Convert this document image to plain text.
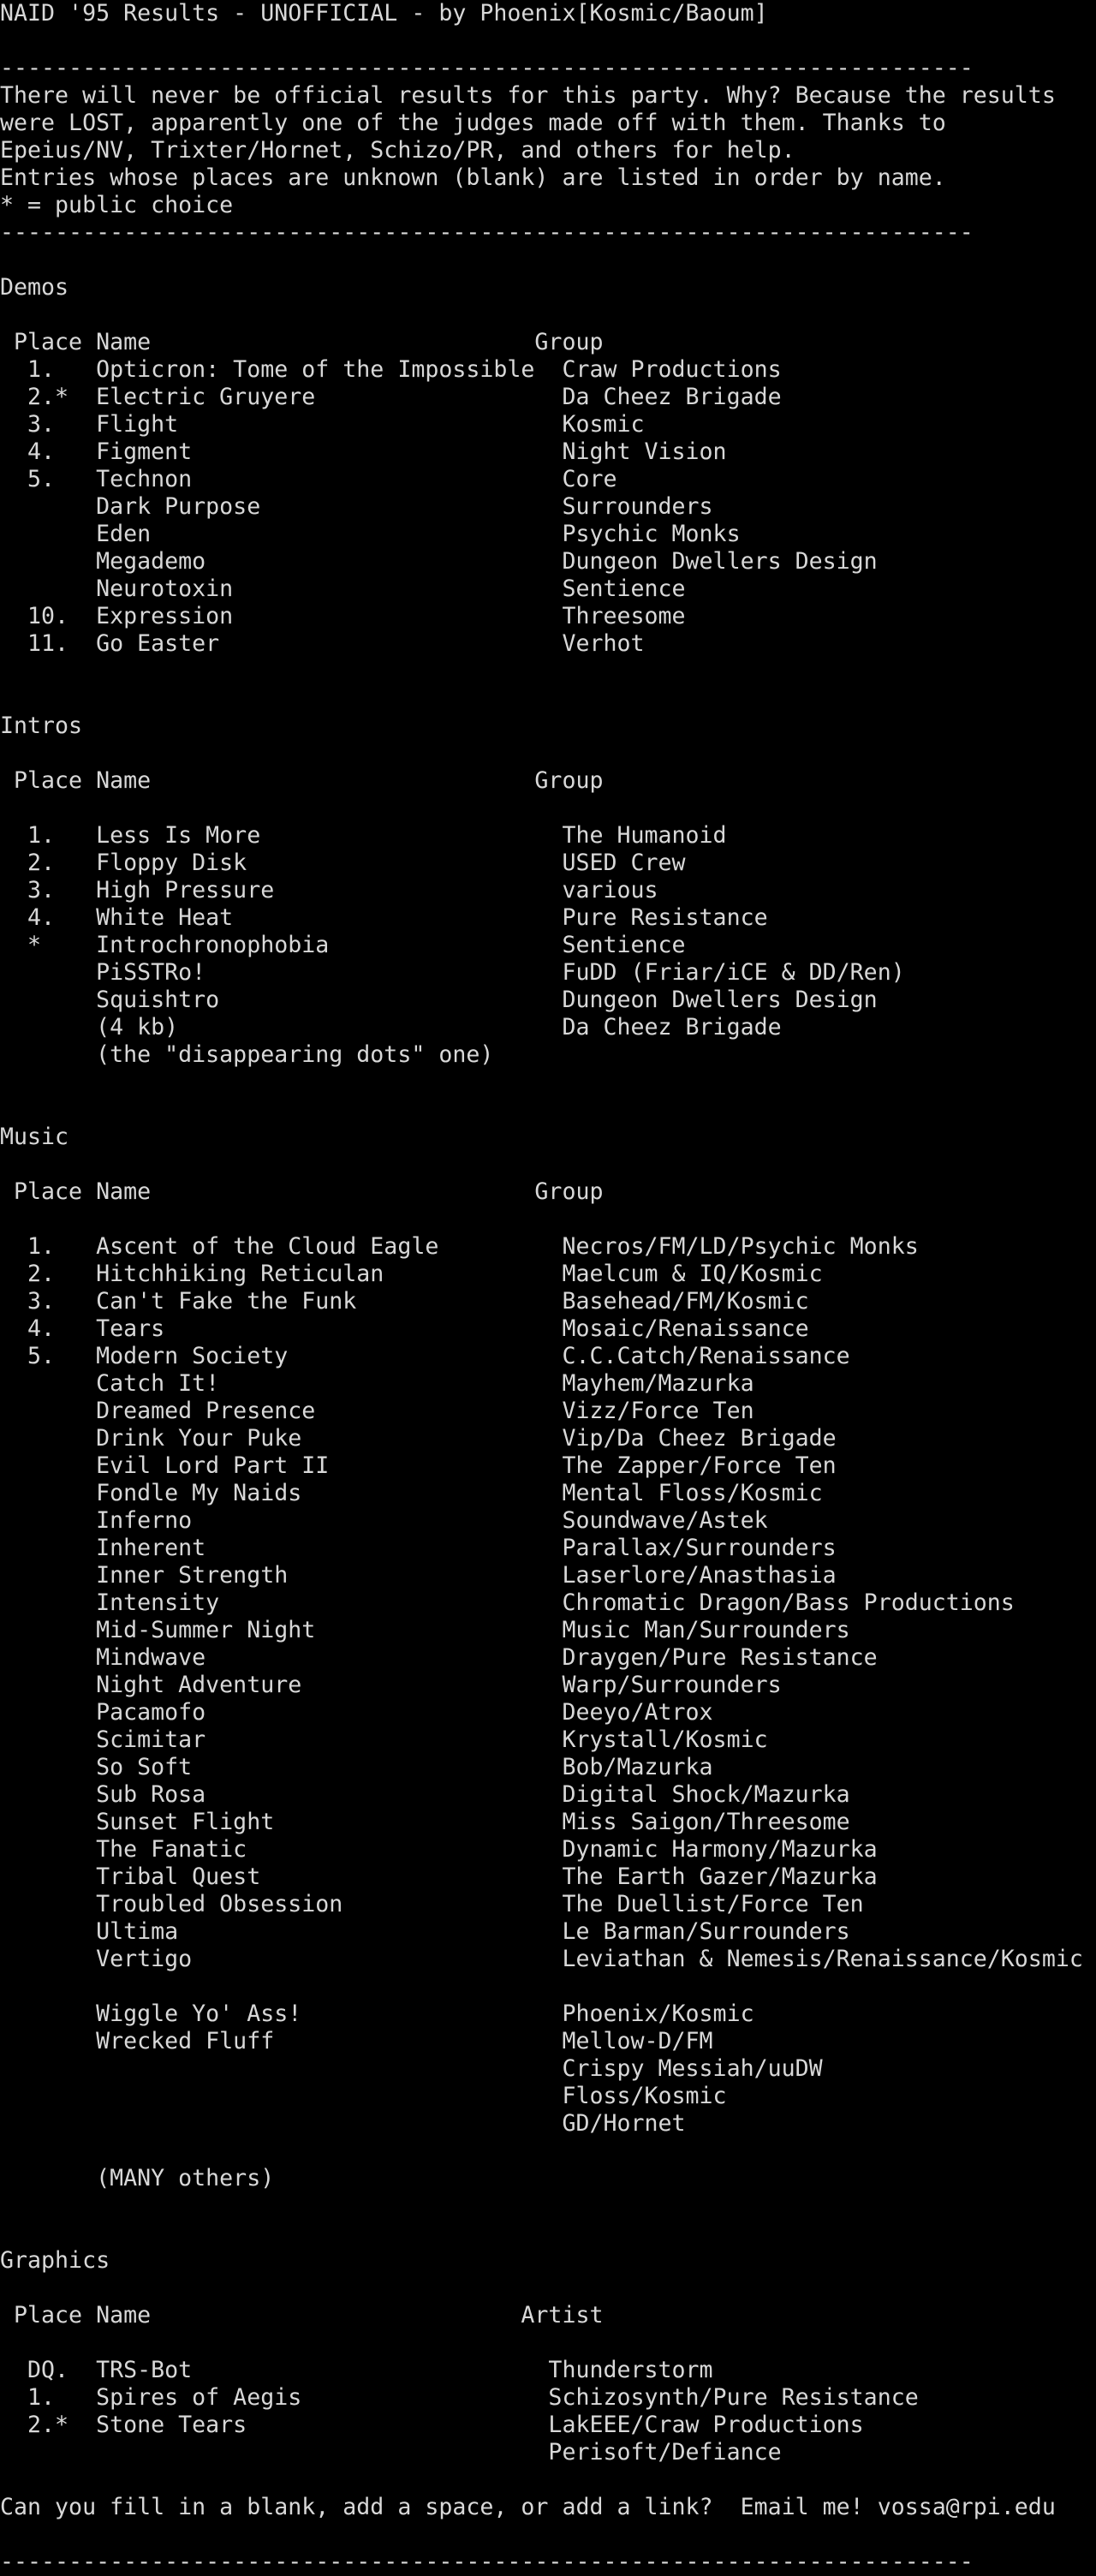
NAID '95 Results - UNOFFICIAL - by Phoenix[Kosmic/Baoum]
-----------------------------------------------------------------------
There will never be official results for this party. Why? Because the results
were LOST, apparently one of the judges made off with them. Thanks to
Epeius/NV, Trixter/Hornet, Schizo/PR, and others for help.
Entries whose places are unknown (blank) are listed in order by name.
* = public choice
-----------------------------------------------------------------------
Demos
Place Name                            Group
1.   Opticron: Tome of the Impossible  Craw Productions
2.*  Electric Gruyere                  Da Cheez Brigade
3.   Flight                            Kosmic
4.   Figment                           Night Vision
5.   Technon                           Core
Dark Purpose                      Surrounders
Eden                              Psychic Monks
Megademo                          Dungeon Dwellers Design
Neurotoxin                        Sentience
10.  Expression                        Threesome
11.  Go Easter                         Verhot
Intros
Place Name                            Group
1.   Less Is More                      The Humanoid
2.   Floppy Disk                       USED Crew
3.   High Pressure                     various
4.   White Heat                        Pure Resistance
*    Introchronophobia                 Sentience
PiSSTRo!                          FuDD (Friar/iCE & DD/Ren)
Squishtro                         Dungeon Dwellers Design
(4 kb)                            Da Cheez Brigade
(the "disappearing dots" one)
Music
Place Name                            Group
1.   Ascent of the Cloud Eagle         Necros/FM/LD/Psychic Monks
2.   Hitchhiking Reticulan             Maelcum & IQ/Kosmic
3.   Can't Fake the Funk               Basehead/FM/Kosmic
4.   Tears                             Mosaic/Renaissance
5.   Modern Society                    C.C.Catch/Renaissance
Catch It!                         Mayhem/Mazurka
Dreamed Presence                  Vizz/Force Ten
Drink Your Puke                   Vip/Da Cheez Brigade
Evil Lord Part II                 The Zapper/Force Ten
Fondle My Naids                   Mental Floss/Kosmic
Inferno                           Soundwave/Astek
Inherent                          Parallax/Surrounders
Inner Strength                    Laserlore/Anasthasia
Intensity                         Chromatic Dragon/Bass Productions
Mid-Summer Night                  Music Man/Surrounders
Mindwave                          Draygen/Pure Resistance
Night Adventure                   Warp/Surrounders
Pacamofo                          Deeyo/Atrox
Scimitar                          Krystall/Kosmic
So Soft                           Bob/Mazurka
Sub Rosa                          Digital Shock/Mazurka
Sunset Flight                     Miss Saigon/Threesome
The Fanatic                       Dynamic Harmony/Mazurka
Tribal Quest                      The Earth Gazer/Mazurka
Troubled Obsession                The Duellist/Force Ten
Ultima                            Le Barman/Surrounders
Vertigo                           Leviathan & Nemesis/Renaissance/Kosmic
Wiggle Yo' Ass!                   Phoenix/Kosmic
Wrecked Fluff                     Mellow-D/FM
Crispy Messiah/uuDW
Floss/Kosmic
GD/Hornet
(MANY others)
Graphics
Place Name                           Artist
DQ.  TRS-Bot                          Thunderstorm
1.   Spires of Aegis                  Schizosynth/Pure Resistance
2.*  Stone Tears                      LakEEE/Craw Productions
Perisoft/Defiance
Can you fill in a blank, add a space, or add a link?  Email me! vossa@rpi.edu
-----------------------------------------------------------------------
